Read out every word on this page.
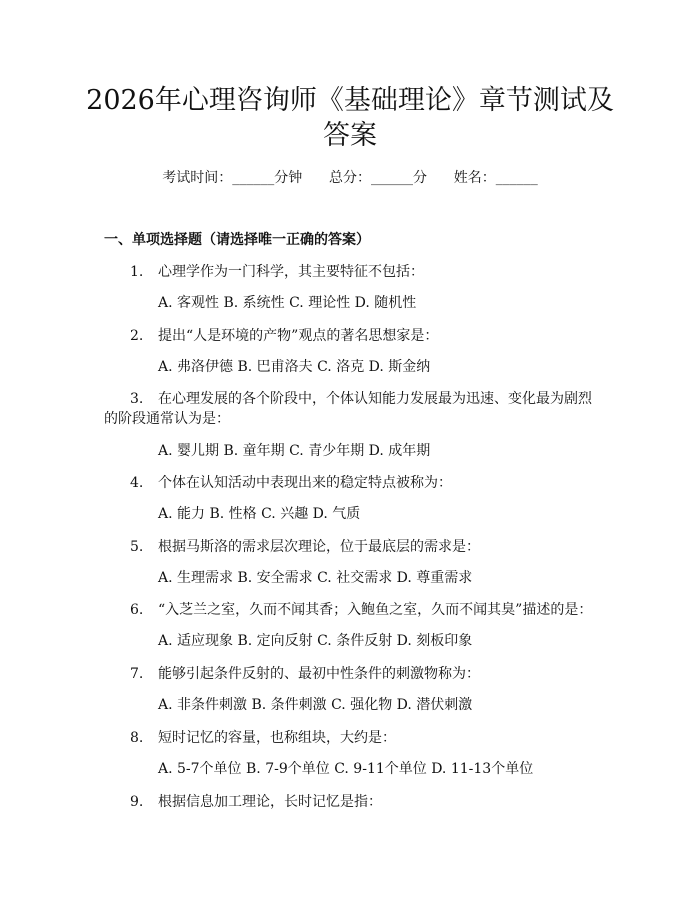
2026年心理咨询师《基础理论》章节测试及
答案
考试时间：______分钟      总分：______分      姓名：______
一、单项选择题（请选择唯一正确的答案）
1. 心理学作为一门科学，其主要特征不包括：
A. 客观性 B. 系统性 C. 理论性 D. 随机性
2. 提出“人是环境的产物”观点的著名思想家是：
A. 弗洛伊德 B. 巴甫洛夫 C. 洛克 D. 斯金纳
3. 在心理发展的各个阶段中，个体认知能力发展最为迅速、变化最为剧烈的阶段通常认为是：
A. 婴儿期 B. 童年期 C. 青少年期 D. 成年期
4. 个体在认知活动中表现出来的稳定特点被称为：
A. 能力 B. 性格 C. 兴趣 D. 气质
5. 根据马斯洛的需求层次理论，位于最底层的需求是：
A. 生理需求 B. 安全需求 C. 社交需求 D. 尊重需求
6. “入芝兰之室，久而不闻其香；入鲍鱼之室，久而不闻其臭”描述的是：
A. 适应现象 B. 定向反射 C. 条件反射 D. 刻板印象
7. 能够引起条件反射的、最初中性条件的刺激物称为：
A. 非条件刺激 B. 条件刺激 C. 强化物 D. 潜伏刺激
8. 短时记忆的容量，也称组块，大约是：
A. 5-7个单位 B. 7-9个单位 C. 9-11个单位 D. 11-13个单位
9. 根据信息加工理论，长时记忆是指：
